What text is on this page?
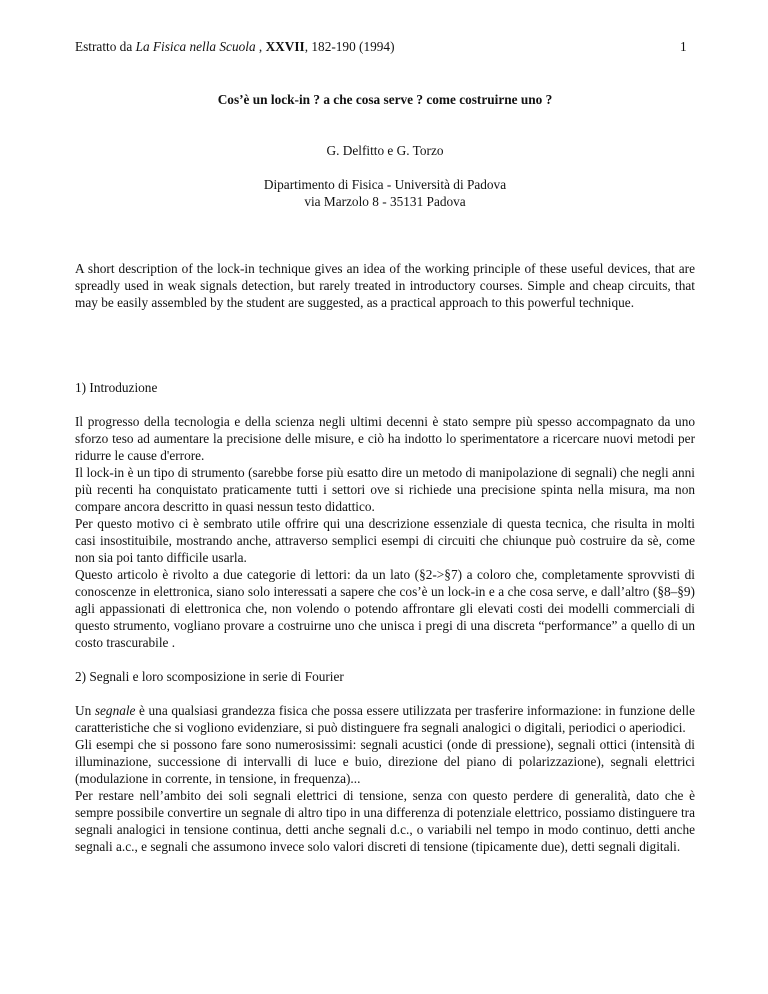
1
Estratto da La Fisica nella Scuola , XXVII, 182-190 (1994)
Cos’è un lock-in ? a che cosa serve ? come costruirne uno ?
G. Delfitto e G. Torzo
Dipartimento di Fisica - Università di Padova
via Marzolo 8 - 35131 Padova
A short description of the lock-in technique gives an idea of the working principle of these useful devices, that are spreadly used in weak signals detection, but rarely treated in introductory courses. Simple and cheap circuits, that may be easily assembled by the student are suggested, as a practical approach to this powerful technique.
1) Introduzione

Il progresso della tecnologia e della scienza negli ultimi decenni è stato sempre più spesso accompagnato da uno sforzo teso ad aumentare la precisione delle misure, e ciò ha indotto lo sperimentatore a ricercare nuovi metodi per ridurre le cause d'errore.

Il lock-in è un tipo di strumento (sarebbe forse più esatto dire un metodo di manipolazione di segnali) che negli anni più recenti ha conquistato praticamente tutti i settori ove si richiede una precisione spinta nella misura, ma non compare ancora descritto in quasi nessun testo didattico.

Per questo motivo ci è sembrato utile offrire qui una descrizione essenziale di questa tecnica, che risulta in molti casi insostituibile, mostrando anche, attraverso semplici esempi di circuiti che chiunque può costruire da sè, come non sia poi tanto difficile usarla.

Questo articolo è rivolto a due categorie di lettori: da un lato (§2->§7) a coloro che, completamente sprovvisti di conoscenze in elettronica, siano solo interessati a sapere che cos’è un lock-in e a che cosa serve, e dall’altro (§8–§9) agli appassionati di elettronica che, non volendo o potendo affrontare gli elevati costi dei modelli commerciali di questo strumento, vogliano provare a costruirne uno che unisca i pregi di una discreta “performance” a quello di un costo trascurabile .

2) Segnali e loro scomposizione in serie di Fourier

Un segnale è una qualsiasi grandezza fisica che possa essere utilizzata per trasferire informazione: in funzione delle caratteristiche che si vogliono evidenziare, si può distinguere fra segnali analogici o digitali, periodici o aperiodici.

Gli esempi che si possono fare sono numerosissimi: segnali acustici (onde di pressione), segnali ottici (intensità di illuminazione, successione di intervalli di luce e buio, direzione del piano di polarizzazione), segnali elettrici (modulazione in corrente, in tensione, in frequenza)...

Per restare nell’ambito dei soli segnali elettrici di tensione, senza con questo perdere di generalità, dato che è sempre possibile convertire un segnale di altro tipo in una differenza di potenziale elettrico, possiamo distinguere tra segnali analogici in tensione continua, detti anche segnali d.c., o variabili nel tempo in modo continuo, detti anche segnali a.c., e segnali che assumono invece solo valori discreti di tensione (tipicamente due), detti segnali digitali.
